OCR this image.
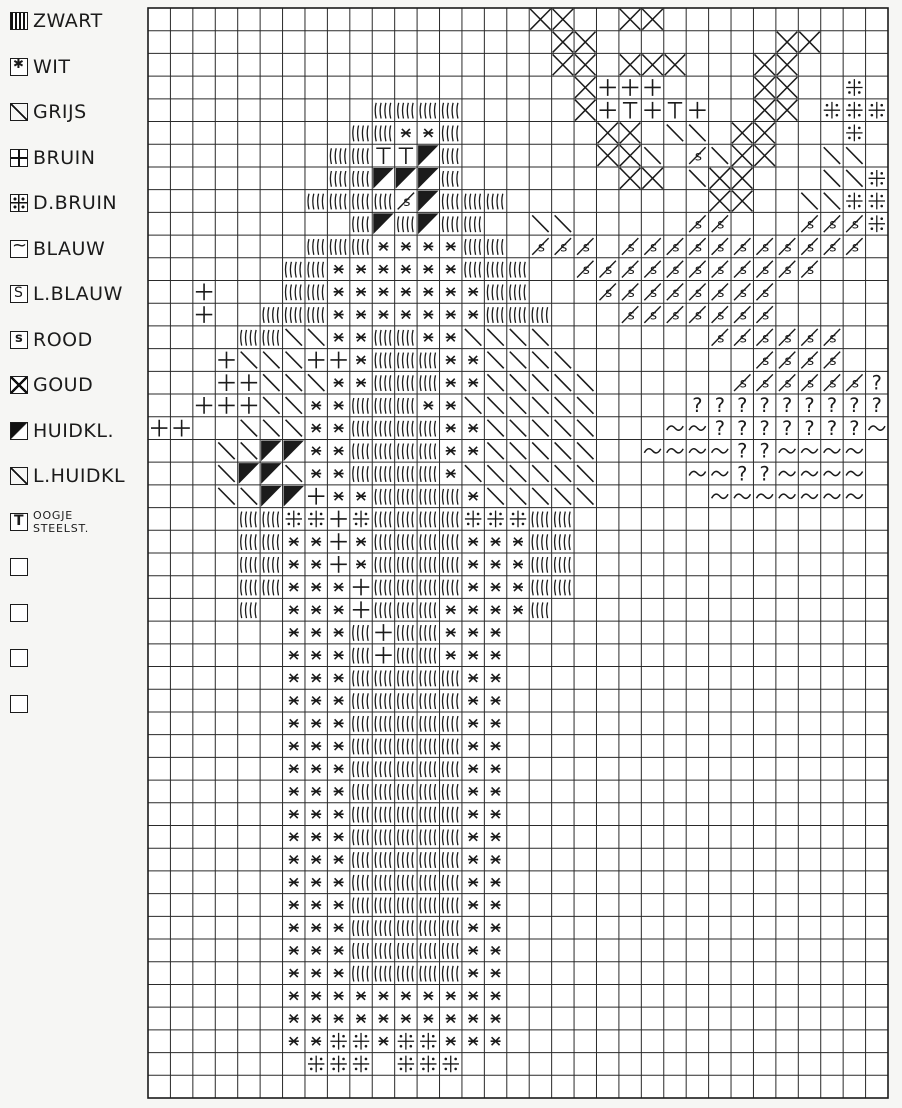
ZWART
✱
WIT
GRIJS
BRUIN
D.BRUIN
~
BLAUW
S
L.BLAUW
s
ROOD
GOUD
HUIDKL.
L.HUIDKL
T
OOGJE
STEELST.
s
s
s s	s s s
s s s	s s s s s s s s s s s
s s s s s s s s s s s
s s s s s s s s
s s s s s s s
s s s s s s
s s s s
s s s s s s ?
? ? ? ? ? ? ? ? ?
? ? ? ? ? ? ?
? ?
? ?
